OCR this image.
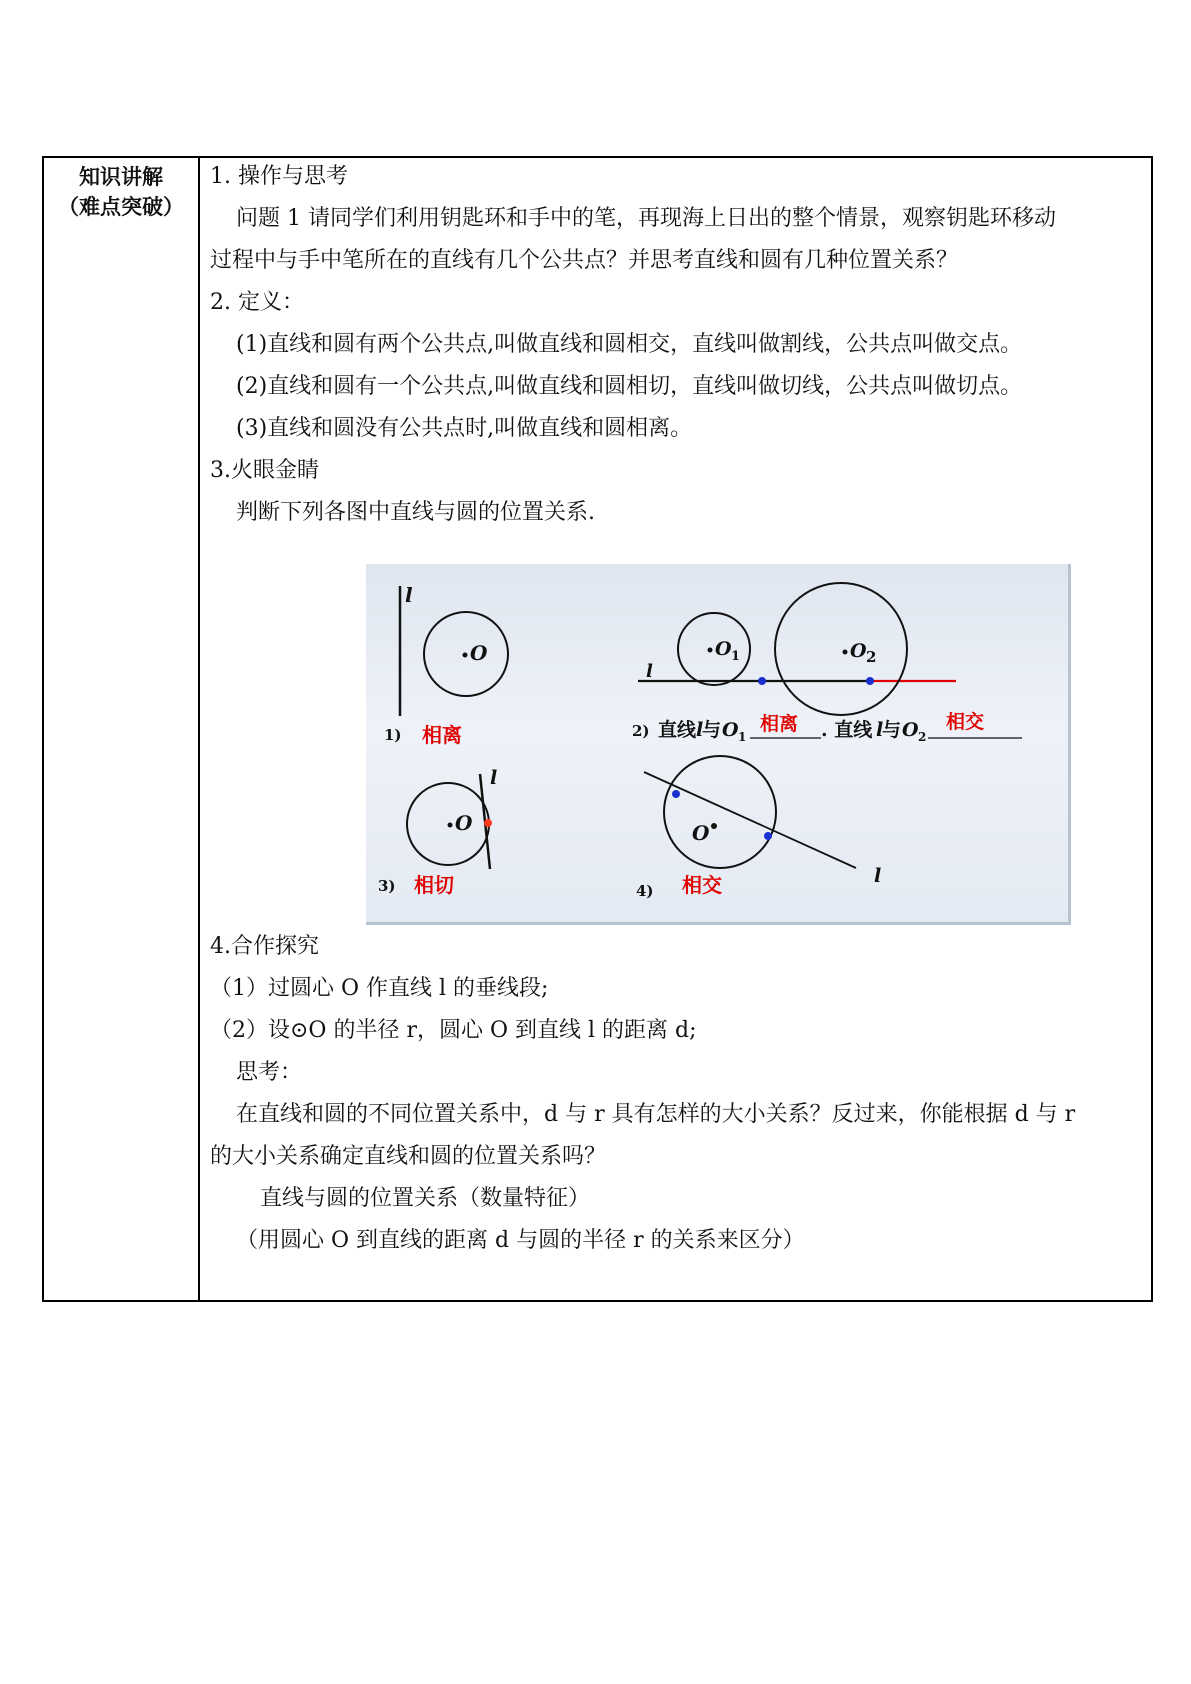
知识讲解
（难点突破）
1. 操作与思考
问题 1 请同学们利用钥匙环和手中的笔，再现海上日出的整个情景，观察钥匙环移动
过程中与手中笔所在的直线有几个公共点？并思考直线和圆有几种位置关系？
2. 定义：
(1)直线和圆有两个公共点,叫做直线和圆相交，直线叫做割线，公共点叫做交点。
(2)直线和圆有一个公共点,叫做直线和圆相切，直线叫做切线，公共点叫做切点。
(3)直线和圆没有公共点时,叫做直线和圆相离。
3.火眼金睛
判断下列各图中直线与圆的位置关系.
l
O
1) 相离
l
O 1	O 2
2) 直线 l
与 O 1
相离 . 直线 l
与 O 2
相交
l
O
3) 相切	l
O
4) 相交
4.合作探究
（1）过圆心 O 作直线 l 的垂线段;
（2）设⊙O 的半径 r，圆心 O 到直线 l 的距离 d;
思考：
在直线和圆的不同位置关系中，d 与 r 具有怎样的大小关系？反过来，你能根据 d 与 r
的大小关系确定直线和圆的位置关系吗？
直线与圆的位置关系（数量特征）
（用圆心 O 到直线的距离 d 与圆的半径 r 的关系来区分）
